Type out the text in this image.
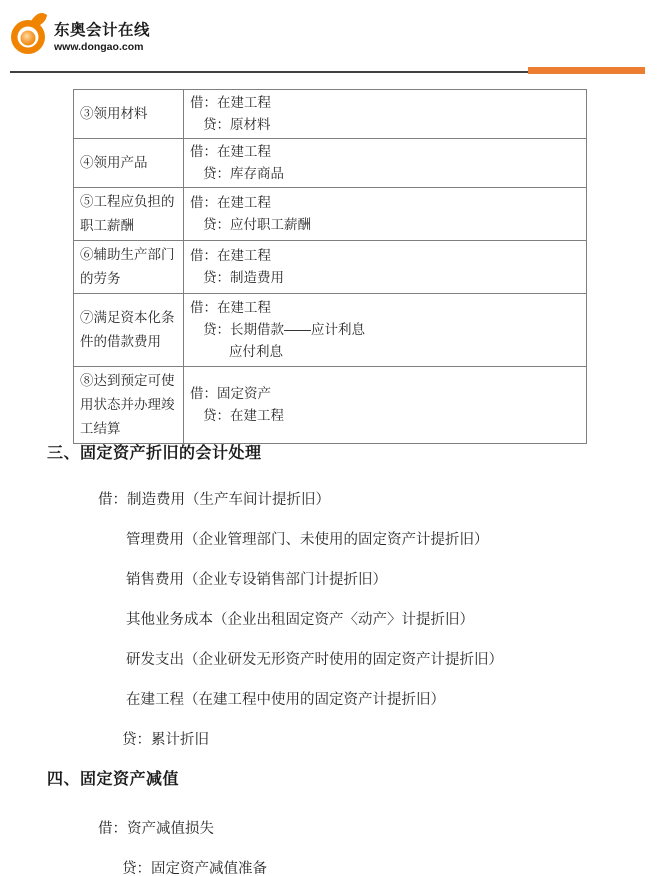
东奥会计在线
www.dongao.com
③领用材料	借：在建工程
贷：原材料

④领用产品	借：在建工程
贷：库存商品

⑤工程应负担的职工薪酬	借：在建工程
贷：应付职工薪酬

⑥辅助生产部门的劳务	借：在建工程
贷：制造费用

⑦满足资本化条件的借款费用	借：在建工程
贷：长期借款——应计利息
应付利息

⑧达到预定可使用状态并办理竣工结算	借：固定资产
贷：在建工程
三、固定资产折旧的会计处理

借：制造费用（生产车间计提折旧）

管理费用（企业管理部门、未使用的固定资产计提折旧）

销售费用（企业专设销售部门计提折旧）

其他业务成本（企业出租固定资产〈动产〉计提折旧）

研发支出（企业研发无形资产时使用的固定资产计提折旧）

在建工程（在建工程中使用的固定资产计提折旧）

贷：累计折旧

四、固定资产减值

借：资产减值损失

贷：固定资产减值准备
